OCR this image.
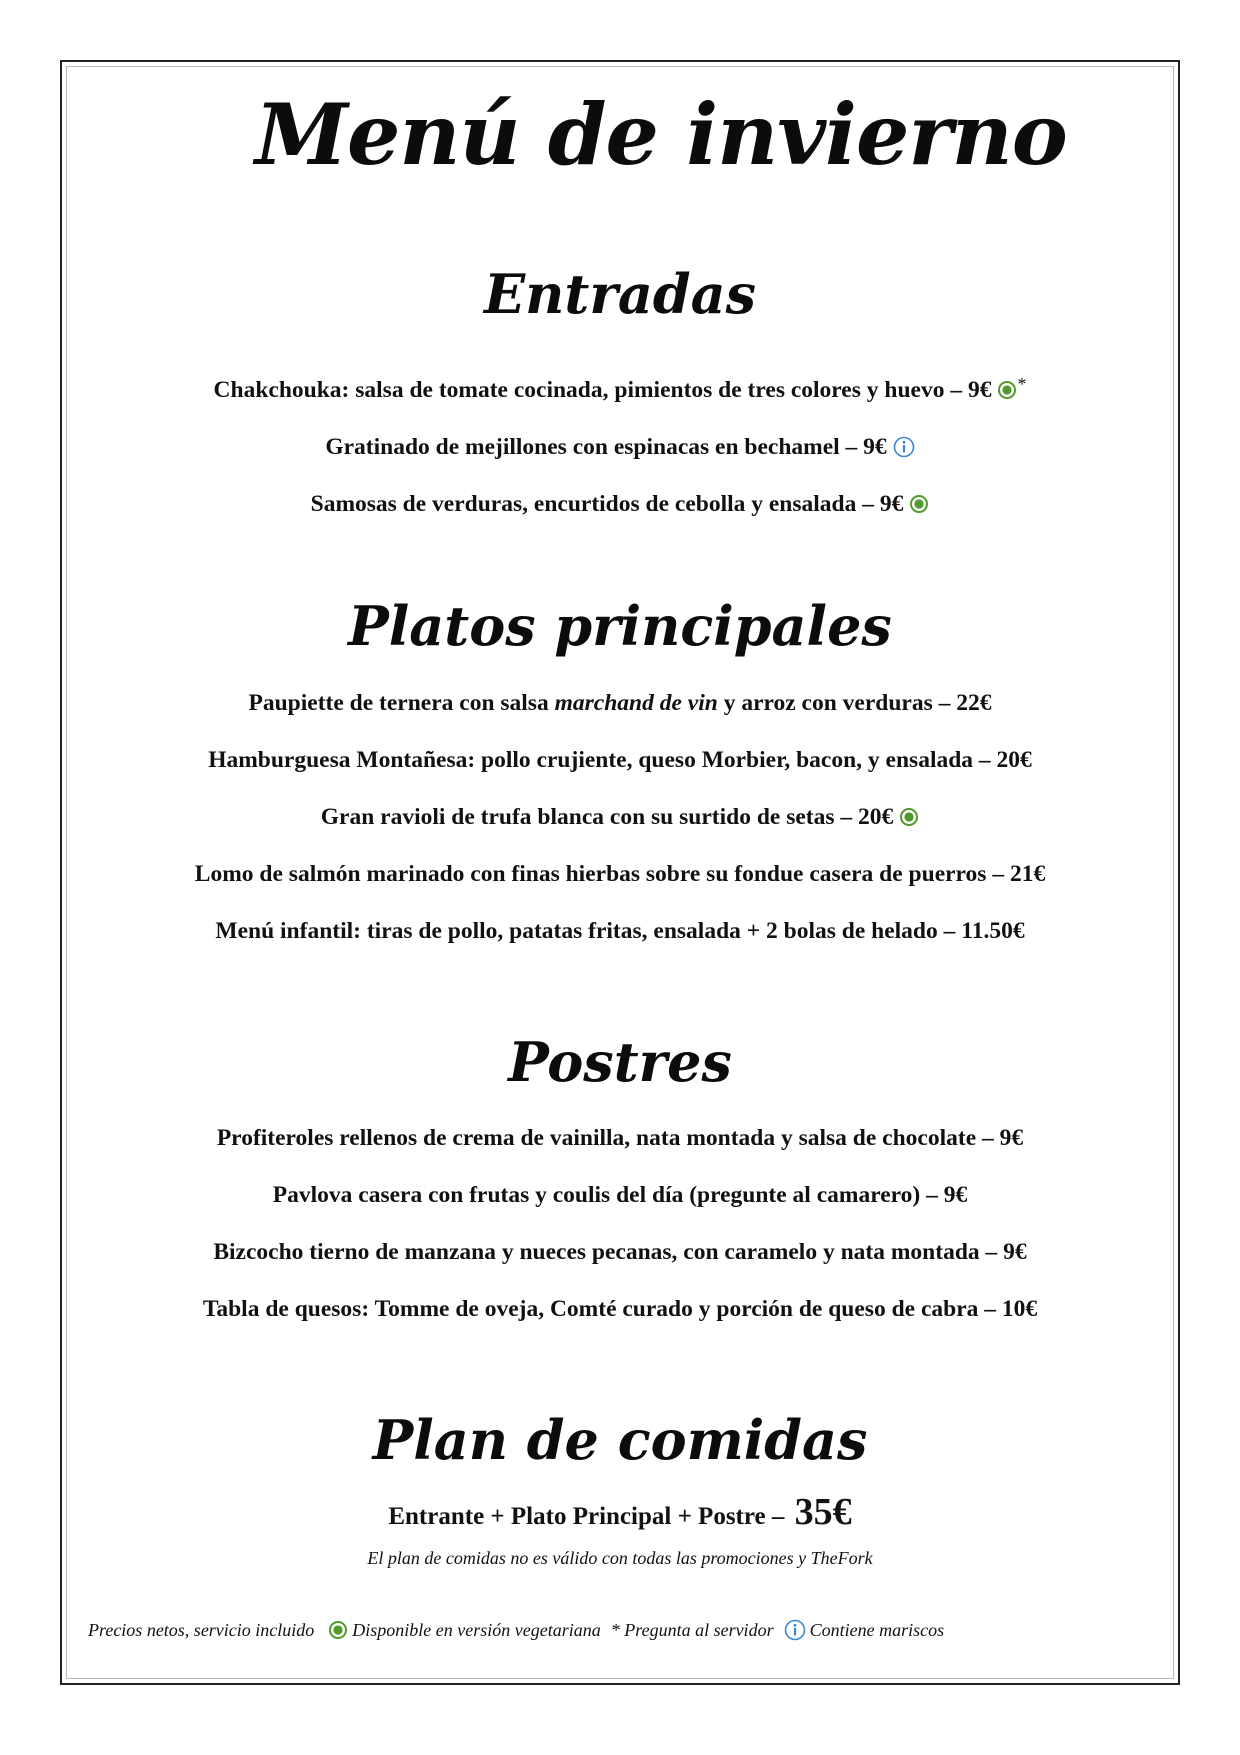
Menú de invierno
Entradas
Chakchouka: salsa de tomate cocinada, pimientos de tres colores y huevo – 9€ *
Gratinado de mejillones con espinacas en bechamel – 9€
Samosas de verduras, encurtidos de cebolla y ensalada – 9€
Platos principales
Paupiette de ternera con salsa marchand de vin y arroz con verduras – 22€
Hamburguesa Montañesa: pollo crujiente, queso Morbier, bacon, y ensalada – 20€
Gran ravioli de trufa blanca con su surtido de setas – 20€
Lomo de salmón marinado con finas hierbas sobre su fondue casera de puerros – 21€
Menú infantil: tiras de pollo, patatas fritas, ensalada + 2 bolas de helado – 11.50€
Postres
Profiteroles rellenos de crema de vainilla, nata montada y salsa de chocolate – 9€
Pavlova casera con frutas y coulis del día (pregunte al camarero) – 9€
Bizcocho tierno de manzana y nueces pecanas, con caramelo y nata montada – 9€
Tabla de quesos: Tomme de oveja, Comté curado y porción de queso de cabra – 10€
Plan de comidas
Entrante + Plato Principal + Postre – 35€
El plan de comidas no es válido con todas las promociones y TheFork
Precios netos, servicio incluido Disponible en versión vegetariana * Pregunta al servidor Contiene mariscos
